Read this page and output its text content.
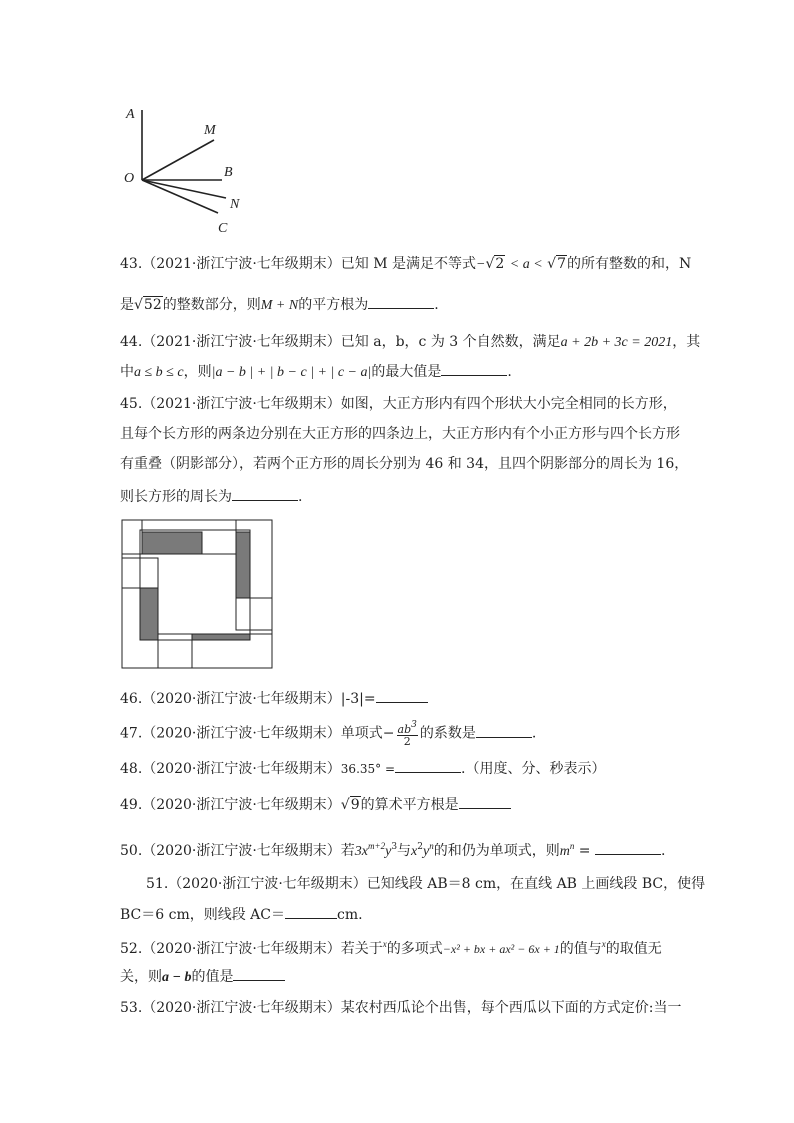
A
M
B
O
N
C
43.（2021·浙江宁波·七年级期末）已知 M 是满足不等式−√2 < a < √7的所有整数的和，N
是√52的整数部分，则M + N的平方根为	.
44.（2021·浙江宁波·七年级期末）已知 a，b，c 为 3 个自然数，满足a + 2b + 3c = 2021，其
中a ≤ b ≤ c，则|a − b | + | b − c | + | c − a|的最大值是	.
45.（2021·浙江宁波·七年级期末）如图，大正方形内有四个形状大小完全相同的长方形，
且每个长方形的两条边分别在大正方形的四条边上，大正方形内有个小正方形与四个长方形
有重叠（阴影部分），若两个正方形的周长分别为 46 和 34，且四个阴影部分的周长为 16，
则长方形的周长为	.
46.（2020·浙江宁波·七年级期末）|-3|=
47.（2020·浙江宁波·七年级期末）单项式− $\frac{ab^3}{2}$ 的系数是	.
48.（2020·浙江宁波·七年级期末）36.35° =	.（用度、分、秒表示）
49.（2020·浙江宁波·七年级期末）√9的算术平方根是
50.（2020·浙江宁波·七年级期末）若$3x^{m+2}y^3$与$x^2y^n$的和仍为单项式，则$m^n$ =	.
51.（2020·浙江宁波·七年级期末）已知线段 AB＝8 cm，在直线 AB 上画线段 BC，使得
BC＝6 cm，则线段 AC＝	cm.
52.（2020·浙江宁波·七年级期末）若关于$^x$的多项式−x² + bx + ax² − 6x + 1的值与$^x$的取值无
关，则a − b的值是
53.（2020·浙江宁波·七年级期末）某农村西瓜论个出售，每个西瓜以下面的方式定价:当一
